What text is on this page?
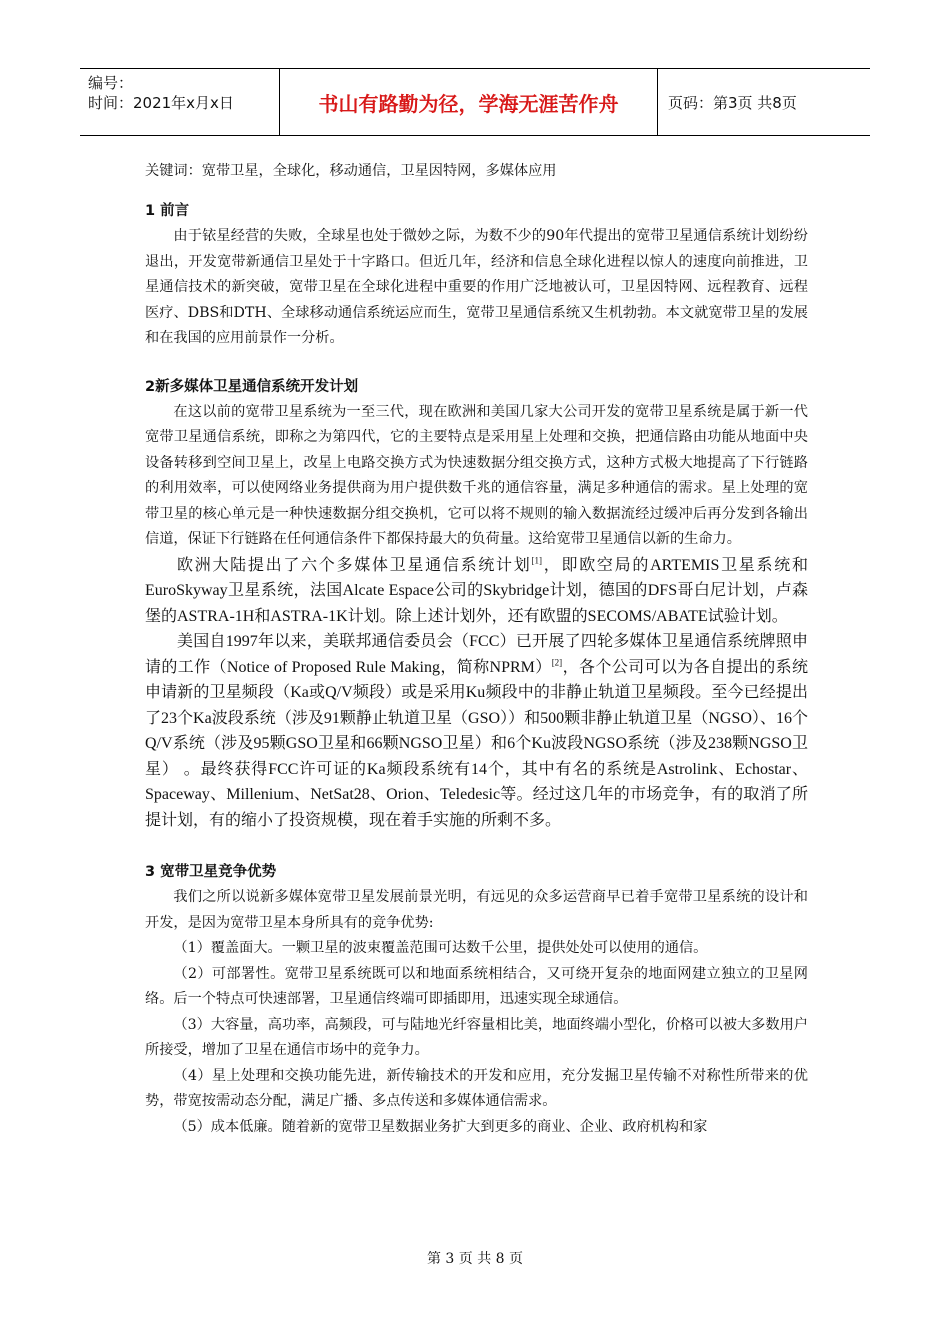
编号：
时间：2021年x月x日	书山有路勤为径，学海无涯苦作舟	页码：第3页 共8页
关键词：宽带卫星，全球化，移动通信，卫星因特网，多媒体应用

1 前言

由于铱星经营的失败，全球星也处于微妙之际，为数不少的90年代提出的宽带卫星通信系统计划纷纷退出，开发宽带新通信卫星处于十字路口。但近几年，经济和信息全球化进程以惊人的速度向前推进，卫星通信技术的新突破，宽带卫星在全球化进程中重要的作用广泛地被认可，卫星因特网、远程教育、远程医疗、DBS和DTH、全球移动通信系统运应而生，宽带卫星通信系统又生机勃勃。本文就宽带卫星的发展和在我国的应用前景作一分析。

2新多媒体卫星通信系统开发计划

在这以前的宽带卫星系统为一至三代，现在欧洲和美国几家大公司开发的宽带卫星系统是属于新一代宽带卫星通信系统，即称之为第四代，它的主要特点是采用星上处理和交换，把通信路由功能从地面中央设备转移到空间卫星上，改星上电路交换方式为快速数据分组交换方式，这种方式极大地提高了下行链路的利用效率，可以使网络业务提供商为用户提供数千兆的通信容量，满足多种通信的需求。星上处理的宽带卫星的核心单元是一种快速数据分组交换机，它可以将不规则的输入数据流经过缓冲后再分发到各输出信道，保证下行链路在任何通信条件下都保持最大的负荷量。这给宽带卫星通信以新的生命力。

欧洲大陆提出了六个多媒体卫星通信系统计划[1]，即欧空局的ARTEMIS卫星系统和EuroSkyway卫星系统，法国Alcate Espace公司的Skybridge计划，德国的DFS哥白尼计划，卢森堡的ASTRA-1H和ASTRA-1K计划。除上述计划外，还有欧盟的SECOMS/ABATE试验计划。

美国自1997年以来，美联邦通信委员会（FCC）已开展了四轮多媒体卫星通信系统牌照申请的工作（Notice of Proposed Rule Making，简称NPRM）[2]，各个公司可以为各自提出的系统申请新的卫星频段（Ka或Q/V频段）或是采用Ku频段中的非静止轨道卫星频段。至今已经提出了23个Ka波段系统（涉及91颗静止轨道卫星（GSO））和500颗非静止轨道卫星（NGSO）、16个Q/V系统（涉及95颗GSO卫星和66颗NGSO卫星）和6个Ku波段NGSO系统（涉及238颗NGSO卫星） 。最终获得FCC许可证的Ka频段系统有14个，其中有名的系统是Astrolink、Echostar、Spaceway、Millenium、NetSat28、Orion、Teledesic等。经过这几年的市场竞争，有的取消了所提计划，有的缩小了投资规模，现在着手实施的所剩不多。

3 宽带卫星竞争优势

我们之所以说新多媒体宽带卫星发展前景光明，有远见的众多运营商早已着手宽带卫星系统的设计和开发，是因为宽带卫星本身所具有的竞争优势:

（1）覆盖面大。一颗卫星的波束覆盖范围可达数千公里，提供处处可以使用的通信。

（2）可部署性。宽带卫星系统既可以和地面系统相结合，又可绕开复杂的地面网建立独立的卫星网络。后一个特点可快速部署，卫星通信终端可即插即用，迅速实现全球通信。

（3）大容量，高功率，高频段，可与陆地光纤容量相比美，地面终端小型化，价格可以被大多数用户所接受，增加了卫星在通信市场中的竞争力。

（4）星上处理和交换功能先进，新传输技术的开发和应用，充分发掘卫星传输不对称性所带来的优势，带宽按需动态分配，满足广播、多点传送和多媒体通信需求。

（5）成本低廉。随着新的宽带卫星数据业务扩大到更多的商业、企业、政府机构和家

第 3 页 共 8 页
